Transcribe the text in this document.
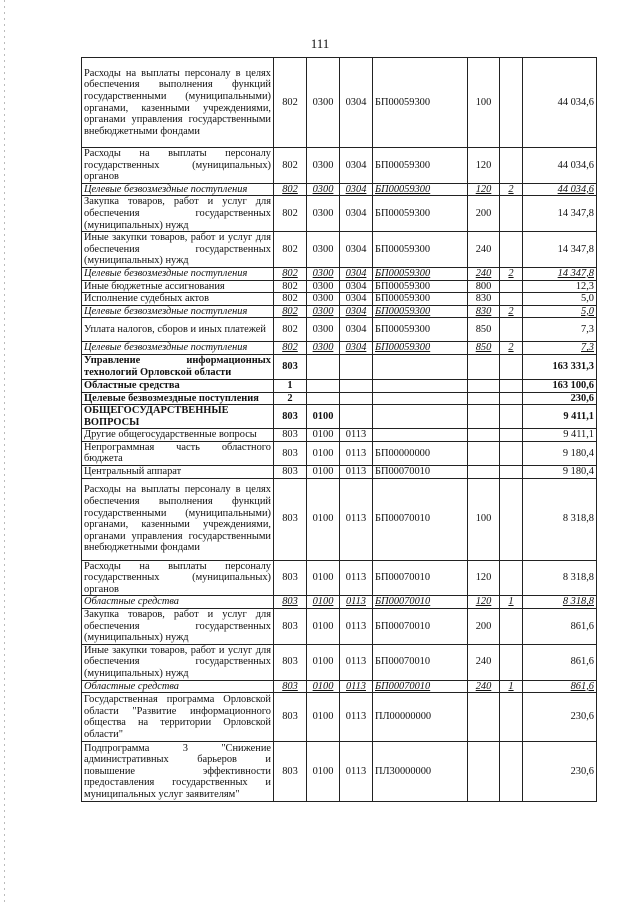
111
Расходы на выплаты персоналу в целях обеспечения выполнения функций государственными (муниципальными) органами, казенными учреждениями, органами управления государственными внебюджетными фондами	802	0300	0304	БП00059300	100		44 034,6
Расходы на выплаты персоналу государственных (муниципальных) органов	802	0300	0304	БП00059300	120		44 034,6
Целевые безвозмездные поступления	802	0300	0304	БП00059300	120	2	44 034,6
Закупка товаров, работ и услуг для обеспечения государственных (муниципальных) нужд	802	0300	0304	БП00059300	200		14 347,8
Иные закупки товаров, работ и услуг для обеспечения государственных (муниципальных) нужд	802	0300	0304	БП00059300	240		14 347,8
Целевые безвозмездные поступления	802	0300	0304	БП00059300	240	2	14 347,8
Иные бюджетные ассигнования	802	0300	0304	БП00059300	800		12,3
Исполнение судебных актов	802	0300	0304	БП00059300	830		5,0
Целевые безвозмездные поступления	802	0300	0304	БП00059300	830	2	5,0
Уплата налогов, сборов и иных платежей	802	0300	0304	БП00059300	850		7,3
Целевые безвозмездные поступления	802	0300	0304	БП00059300	850	2	7,3
Управление информационных технологий Орловской области	803						163 331,3
Областные средства	1						163 100,6
Целевые безвозмездные поступления	2						230,6
ОБЩЕГОСУДАРСТВЕННЫЕ ВОПРОСЫ	803	0100					9 411,1
Другие общегосударственные вопросы	803	0100	0113				9 411,1
Непрограммная часть областного бюджета	803	0100	0113	БП00000000			9 180,4
Центральный аппарат	803	0100	0113	БП00070010			9 180,4
Расходы на выплаты персоналу в целях обеспечения выполнения функций государственными (муниципальными) органами, казенными учреждениями, органами управления государственными внебюджетными фондами	803	0100	0113	БП00070010	100		8 318,8
Расходы на выплаты персоналу государственных (муниципальных) органов	803	0100	0113	БП00070010	120		8 318,8
Областные средства	803	0100	0113	БП00070010	120	1	8 318,8
Закупка товаров, работ и услуг для обеспечения государственных (муниципальных) нужд	803	0100	0113	БП00070010	200		861,6
Иные закупки товаров, работ и услуг для обеспечения государственных (муниципальных) нужд	803	0100	0113	БП00070010	240		861,6
Областные средства	803	0100	0113	БП00070010	240	1	861,6
Государственная программа Орловской области "Развитие информационного общества на территории Орловской области"	803	0100	0113	ПЛ00000000			230,6
Подпрограмма 3 "Снижение административных барьеров и повышение эффективности предоставления государственных и муниципальных услуг заявителям"	803	0100	0113	ПЛ30000000			230,6
